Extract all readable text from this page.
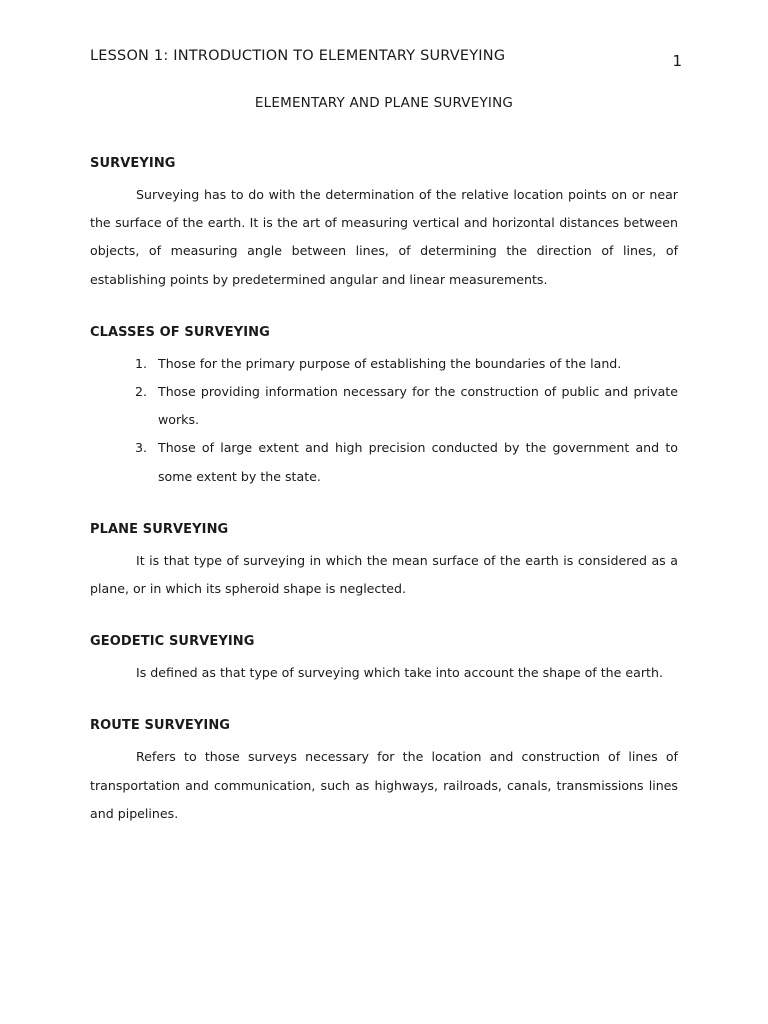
LESSON 1: INTRODUCTION TO ELEMENTARY SURVEYING	1
ELEMENTARY AND PLANE SURVEYING
SURVEYING

Surveying has to do with the determination of the relative location points on or near the surface of the earth. It is the art of measuring vertical and horizontal distances between objects, of measuring angle between lines, of determining the direction of lines, of establishing points by predetermined angular and linear measurements.

CLASSES OF SURVEYING
1. Those for the primary purpose of establishing the boundaries of the land.
2. Those providing information necessary for the construction of public and private works.
3. Those of large extent and high precision conducted by the government and to some extent by the state.
PLANE SURVEYING

It is that type of surveying in which the mean surface of the earth is considered as a plane, or in which its spheroid shape is neglected.

GEODETIC SURVEYING

Is defined as that type of surveying which take into account the shape of the earth.

ROUTE SURVEYING

Refers to those surveys necessary for the location and construction of lines of transportation and communication, such as highways, railroads, canals, transmissions lines and pipelines.
